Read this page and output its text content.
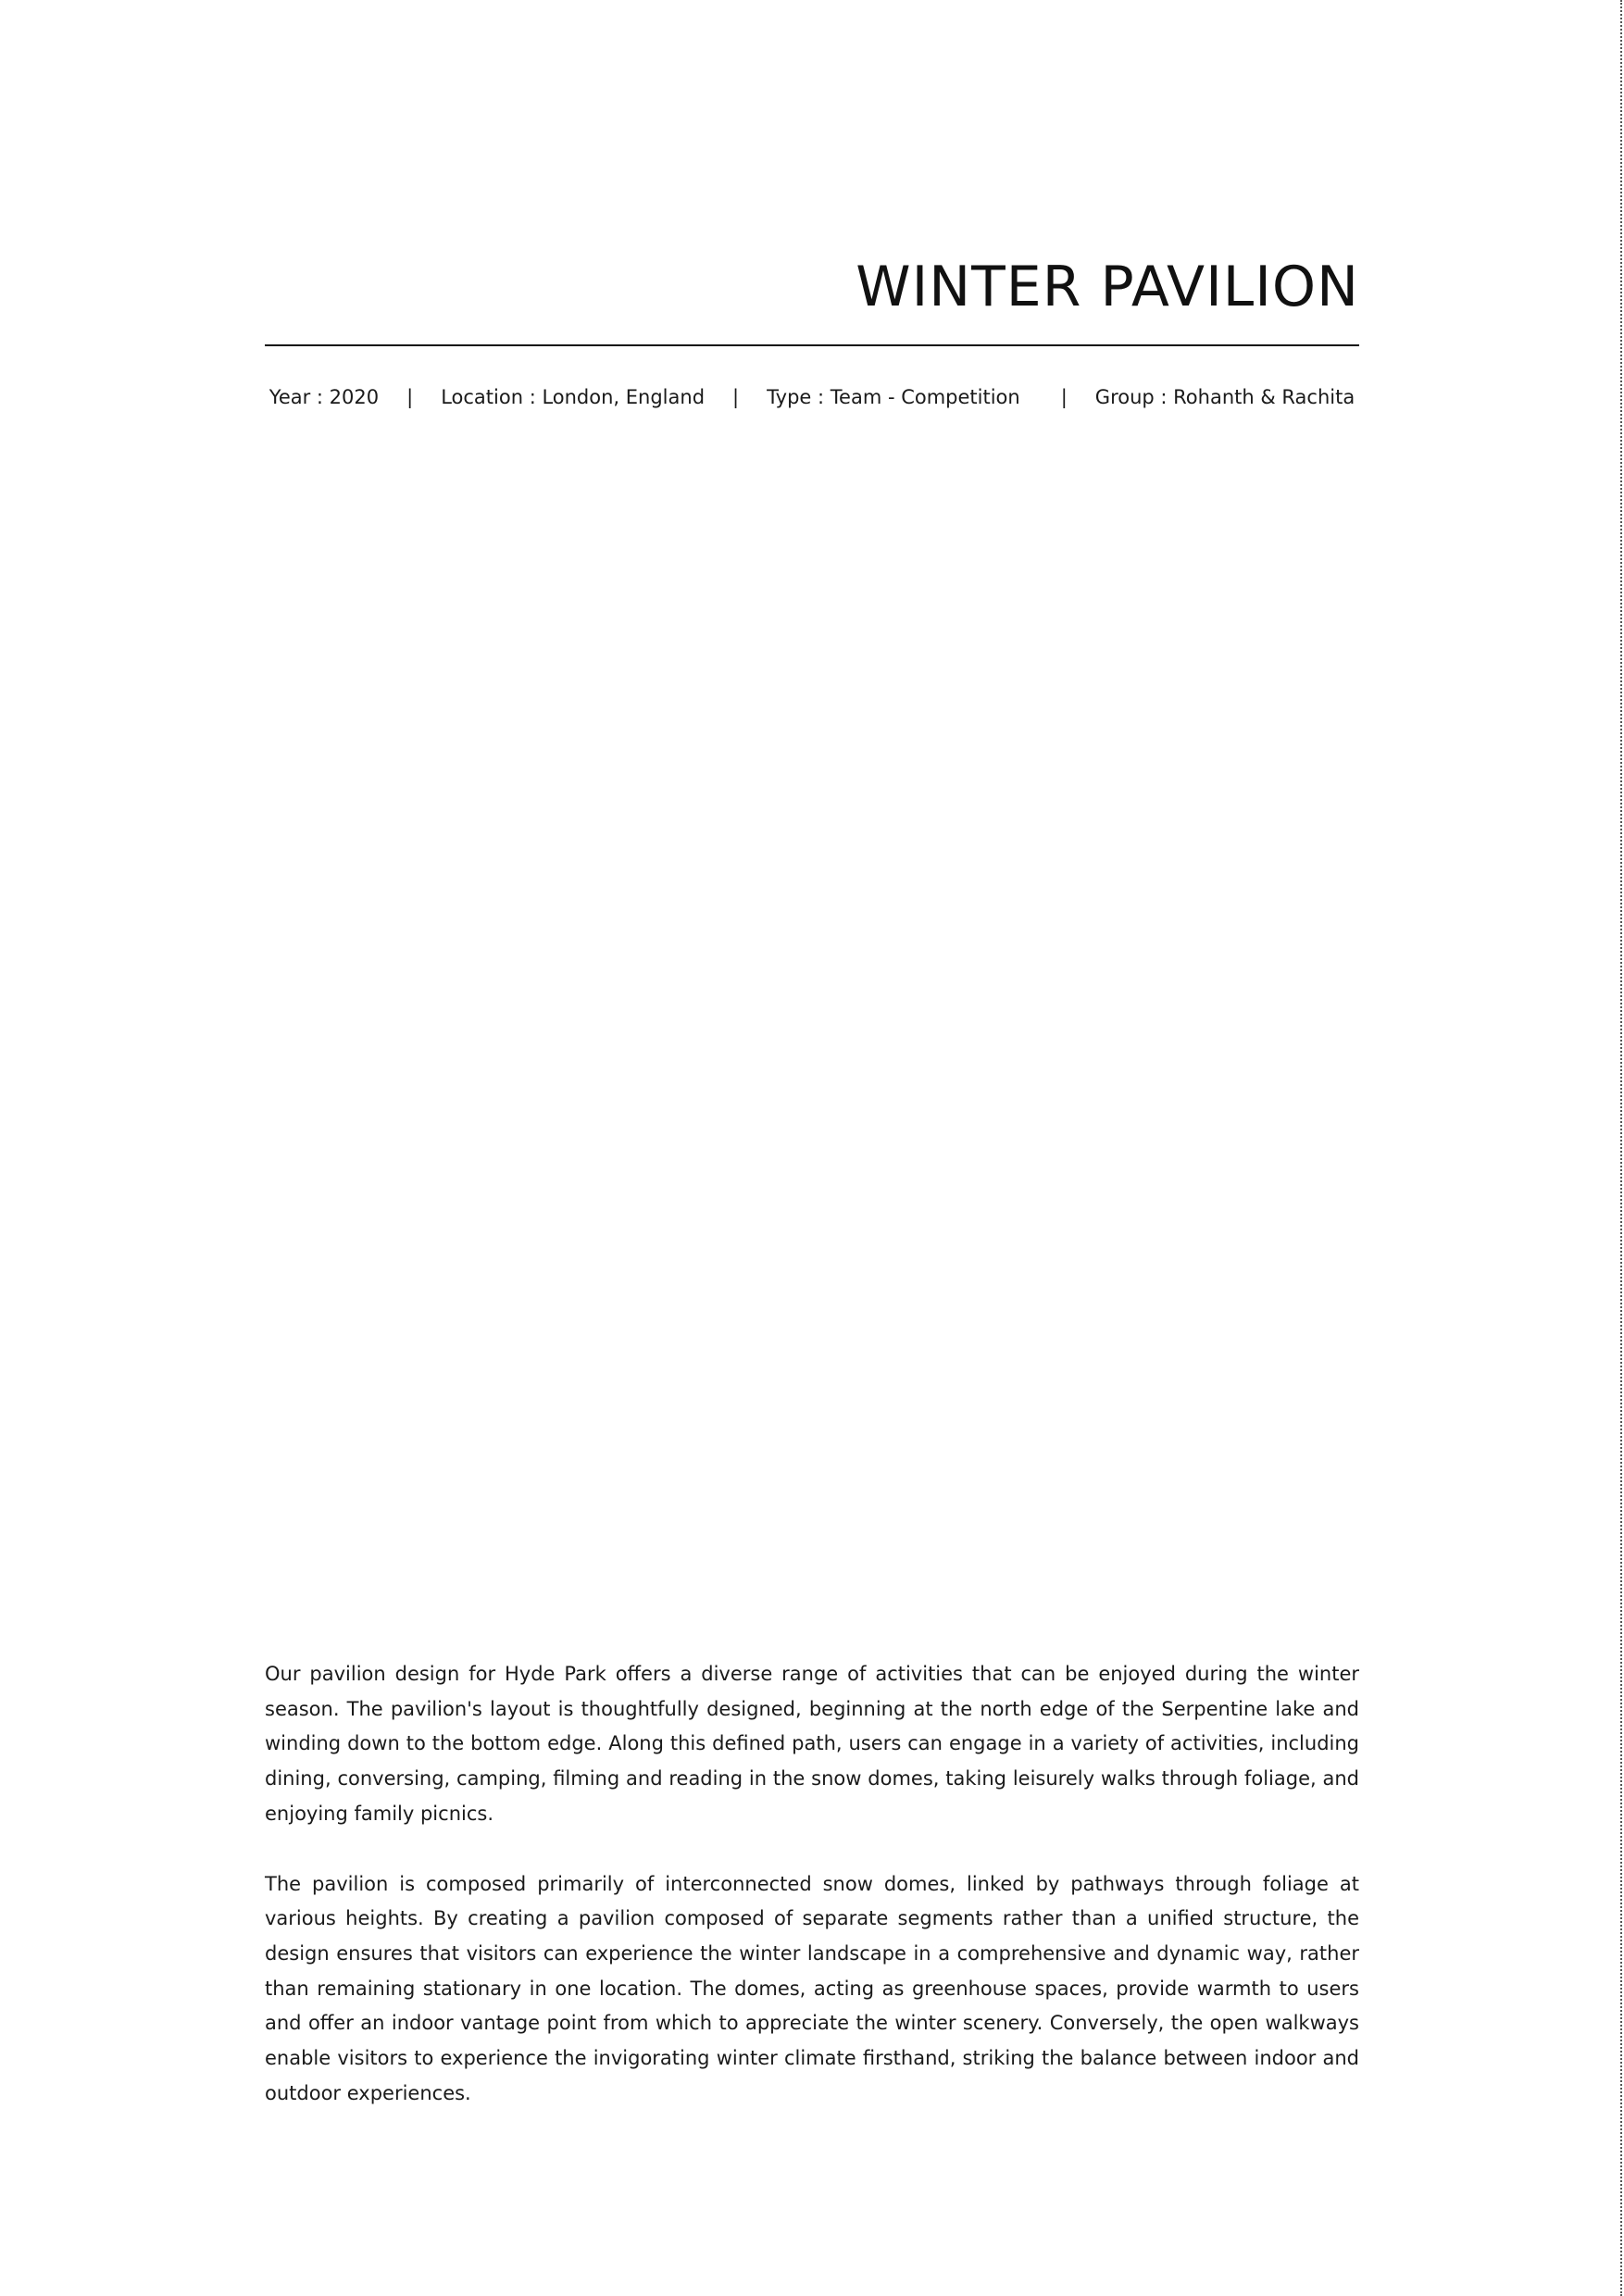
WINTER PAVILION
Year : 2020 | Location : London, England | Type : Team - Competition | Group : Rohanth & Rachita

Our pavilion design for Hyde Park offers a diverse range of activities that can be enjoyed during the winter season. The pavilion's layout is thoughtfully designed, beginning at the north edge of the Serpentine lake and winding down to the bottom edge. Along this defined path, users can engage in a variety of activities, including dining, conversing, camping, filming and reading in the snow domes, taking leisurely walks through foliage, and enjoying family picnics.

The pavilion is composed primarily of interconnected snow domes, linked by pathways through foliage at various heights. By creating a pavilion composed of separate segments rather than a unified structure, the design ensures that visitors can experience the winter landscape in a comprehensive and dynamic way, rather than remaining stationary in one location. The domes, acting as greenhouse spaces, provide warmth to users and offer an indoor vantage point from which to appreciate the winter scenery. Conversely, the open walkways enable visitors to experience the invigorating winter climate firsthand, striking the balance between indoor and outdoor experiences.
